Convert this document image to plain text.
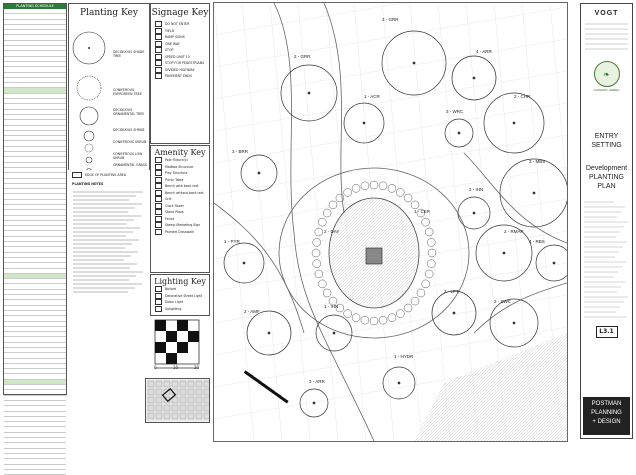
PLANTING SCHEDULE
Planting Key
DECIDUOUS SHADE TREE
CONIFEROUS EVERGREEN TREE
DECIDUOUS ORNAMENTAL TREE
DECIDUOUS SHRUB
CONIFEROUS SHRUB
CONIFEROUS LOW SHRUB
ORNAMENTAL GRASS
EDGE OF PLANTING AREA
PLANTING NOTES
Signage Key
DO NOT ENTER
YIELD
RAMP SIGNS
ONE WAY
STOP
SPEED LIMIT 15
STOP FOR PEDESTRIANS
DIVIDED HIGHWAY
PAVEMENT ENDS
Amenity Key
Pole Fixture(s)
Mailbox Structure
Play Structure
Picnic Table
Bench with back rest
Bench without back rest
Grill
Clock Tower
Stone Plaza
Fence
Stamp Marketing Sign
Painted Crosswalk
Lighting Key
Bollard
Decorative Street Light
Down Light
Uplighting
0	10	20
3 - GRR
2 - GRR
4 - ARR
2 - CHR
3 - MBS
2 - RMAP
3 - BRR
1 - PYR
2 - AMF
1 - IHN
2 - IHN
3 - WRC
1 - ACR
4 - RBS
2 - LPT
1 - HYDR
3 - ARR
2 - SWC
1 - CER
2 - DAY
VOGT
❧
GATEWAY GREEN
ENTRY
SETTING
Development
PLANTING
PLAN
L3.1
POSTMAN
PLANNING
+ DESIGN
